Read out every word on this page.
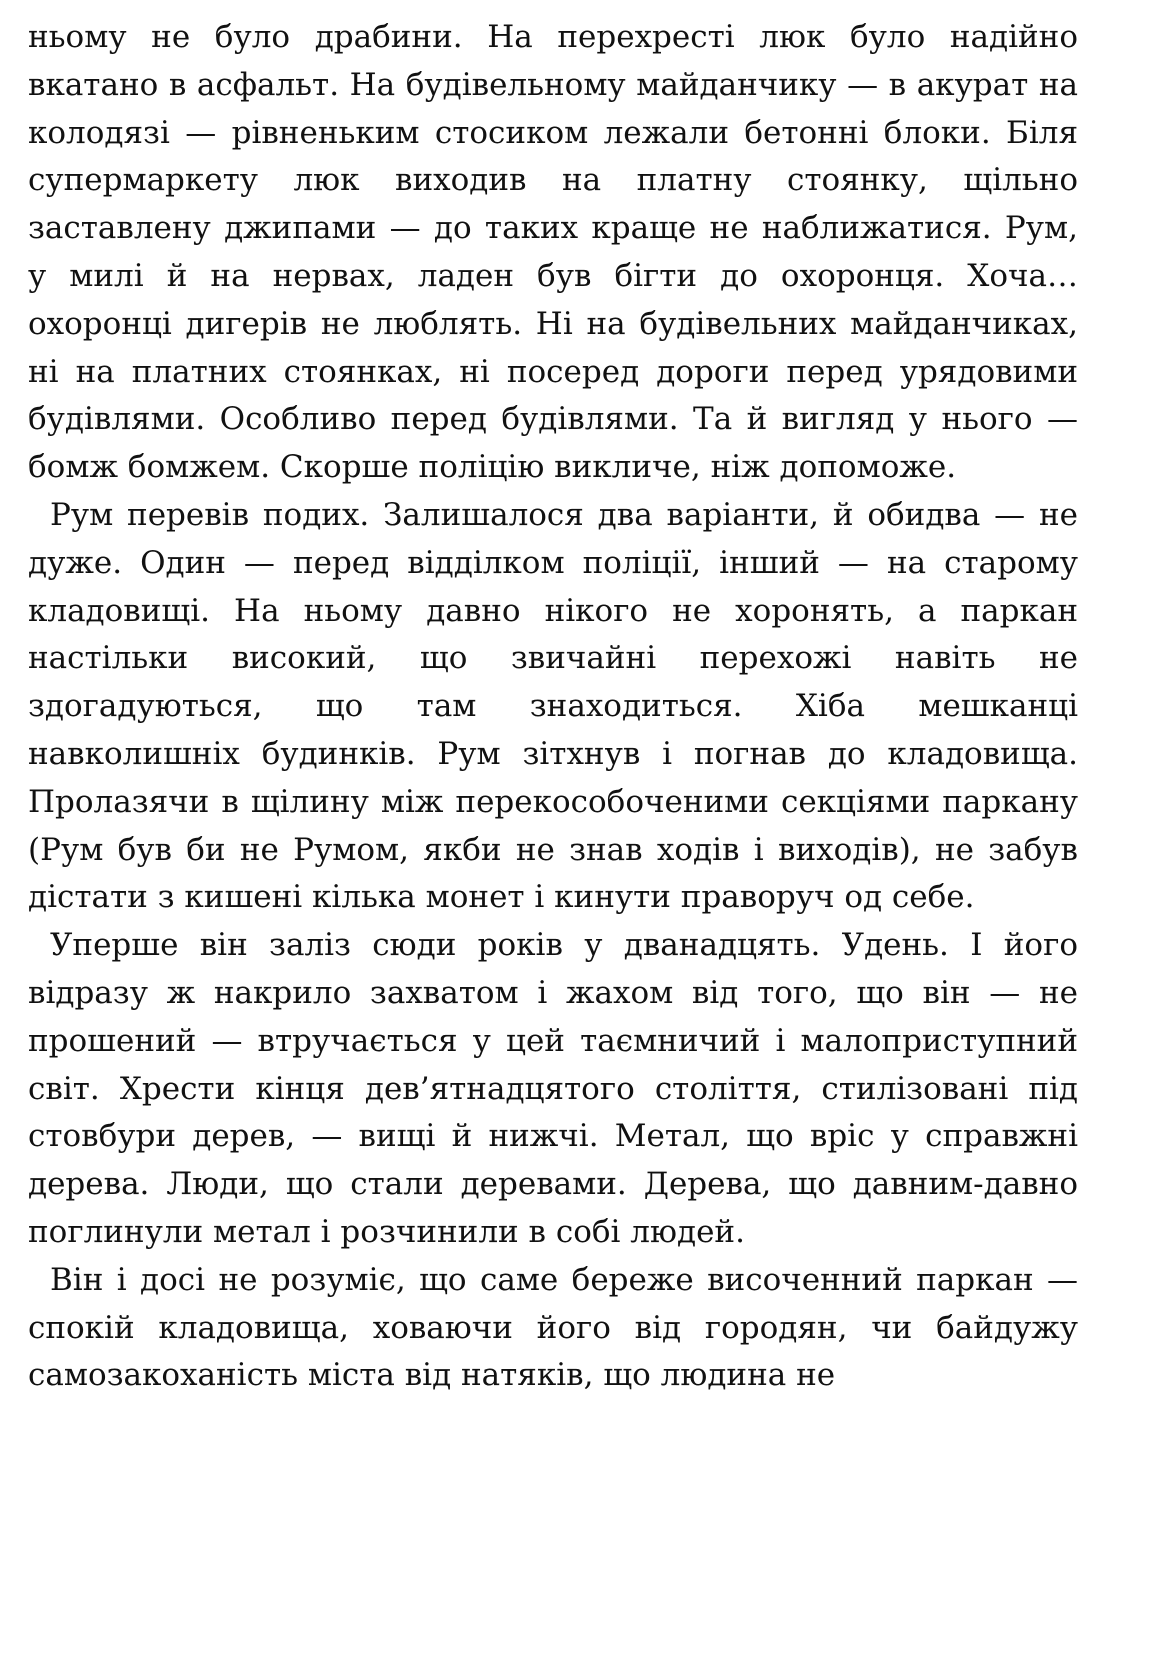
ньому не було драбини. На перехресті люк було надійно вкатано в асфальт. На будівельному майданчику — в акурат на колодязі — рівненьким стосиком лежали бетонні блоки. Біля супермаркету люк виходив на платну стоянку, щільно заставлену джипами — до таких краще не наближатися. Рум, у милі й на нервах, ладен був бігти до охоронця. Хоча… охоронці дигерів не люблять. Ні на будівельних майданчиках, ні на платних стоянках, ні посеред дороги перед урядовими будівлями. Особливо перед будівлями. Та й вигляд у нього — бомж бомжем. Скорше поліцію викличе, ніж допоможе.

Рум перевів подих. Залишалося два варіанти, й обидва — не дуже. Один — перед відділком поліції, інший — на старому кладовищі. На ньому давно нікого не хоронять, а паркан настільки високий, що звичайні перехожі навіть не здогадуються, що там знаходиться. Хіба мешканці навколишніх будинків. Рум зітхнув і погнав до кладовища. Пролазячи в щілину між перекособоченими секціями паркану (Рум був би не Румом, якби не знав ходів і виходів), не забув дістати з кишені кілька монет і кинути праворуч од себе.

Уперше він заліз сюди років у дванадцять. Удень. І його відразу ж накрило захватом і жахом від того, що він — не прошений — втручається у цей таємничий і малоприступний світ. Хрести кінця дев’ятнадцятого століття, стилізовані під стовбури дерев, — вищі й нижчі. Метал, що вріс у справжні дерева. Люди, що стали деревами. Дерева, що давним-давно поглинули метал і розчинили в собі людей.

Він і досі не розуміє, що саме береже височенний паркан — спокій кладовища, ховаючи його від городян, чи байдужу самозакоханість міста від натяків, що людина не
